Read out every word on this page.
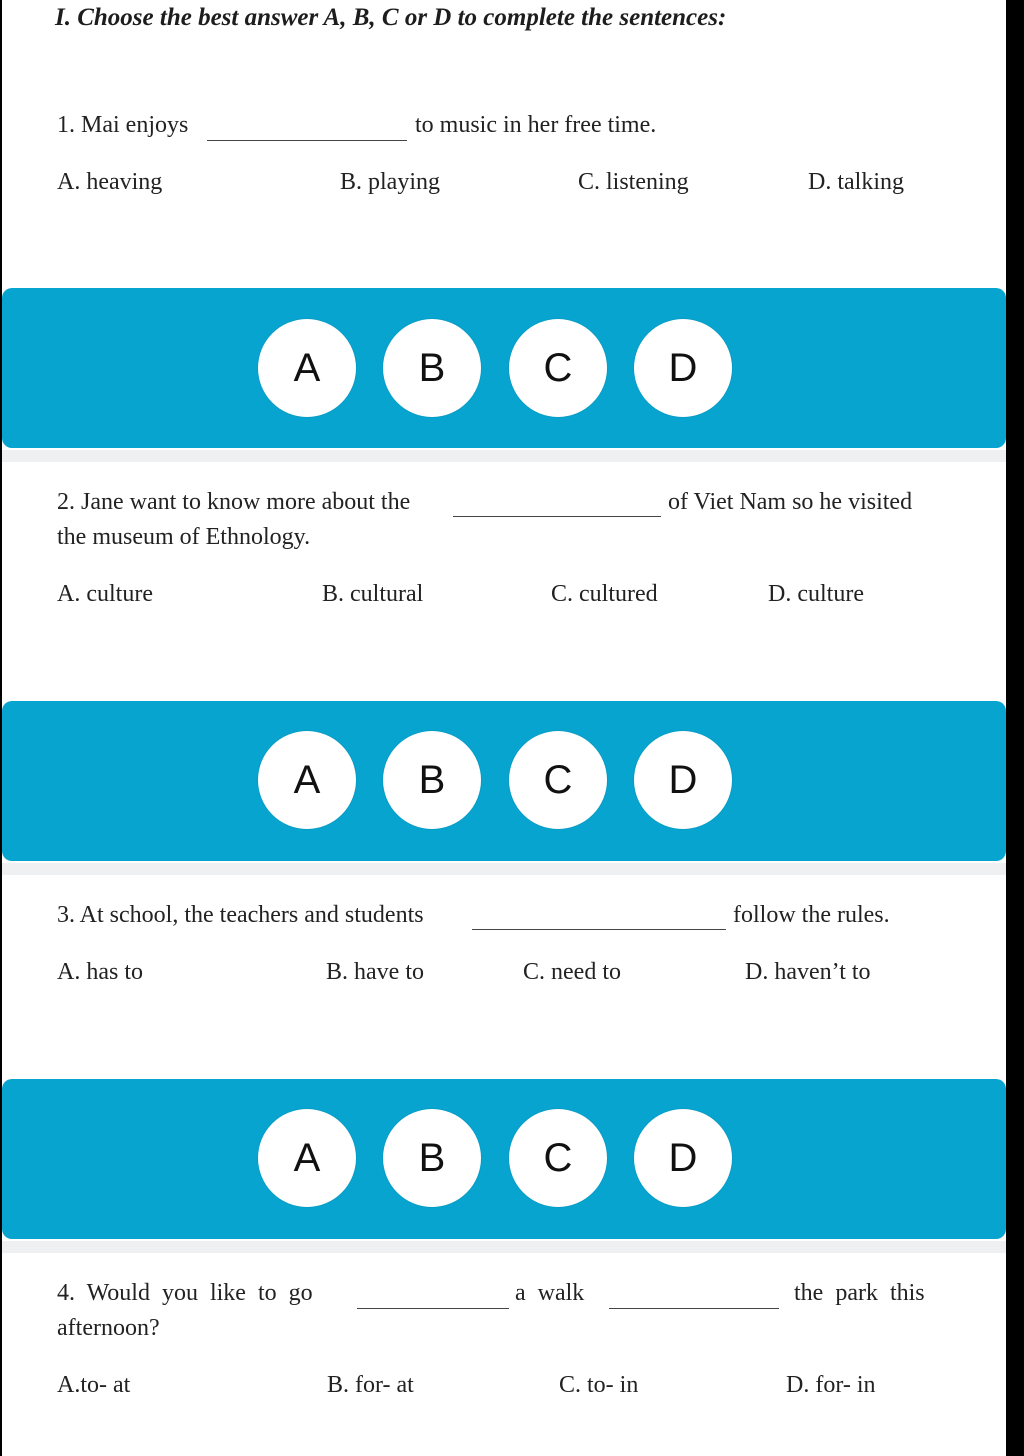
I. Choose the best answer A, B, C or D to complete the sentences:
1. Mai enjoys	to music in her free time.
A. heaving	B. playing	C. listening	D. talking
A	B	C	D
2. Jane want to know more about the	of Viet Nam so he visited
the museum of Ethnology.
A. culture	B. cultural	C. cultured	D. culture
A	B	C	D
3. At school, the teachers and students	follow the rules.
A. has to	B. have to	C. need to	D. haven’t to
A	B	C	D
4. Would you like to go	a walk	the park this
afternoon?
A.to- at	B. for- at	C. to- in	D. for- in
